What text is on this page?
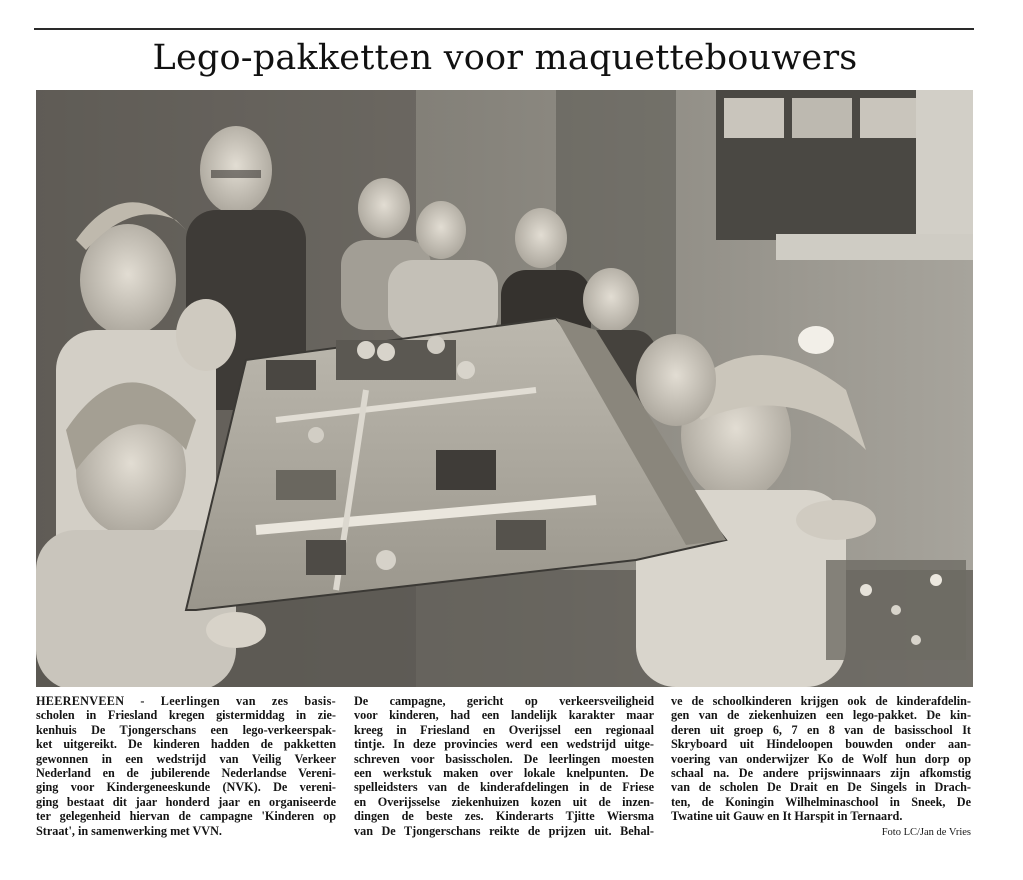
Lego-pakketten voor maquettebouwers
HEERENVEEN - Leerlingen van zes basis-
scholen in Friesland kregen gistermiddag in zie-
kenhuis De Tjongerschans een lego-verkeerspak-
ket uitgereikt. De kinderen hadden de pakketten
gewonnen in een wedstrijd van Veilig Verkeer
Nederland en de jubilerende Nederlandse Vereni-
ging voor Kindergeneeskunde (NVK). De vereni-
ging bestaat dit jaar honderd jaar en organiseerde
ter gelegenheid hiervan de campagne 'Kinderen op
Straat', in samenwerking met VVN.
De campagne, gericht op verkeersveiligheid
voor kinderen, had een landelijk karakter maar
kreeg in Friesland en Overijssel een regionaal
tintje. In deze provincies werd een wedstrijd uitge-
schreven voor basisscholen. De leerlingen moesten
een werkstuk maken over lokale knelpunten. De
spelleidsters van de kinderafdelingen in de Friese
en Overijsselse ziekenhuizen kozen uit de inzen-
dingen de beste zes. Kinderarts Tjitte Wiersma
van De Tjongerschans reikte de prijzen uit. Behal-
ve de schoolkinderen krijgen ook de kinderafdelin-
gen van de ziekenhuizen een lego-pakket. De kin-
deren uit groep 6, 7 en 8 van de basisschool It
Skryboard uit Hindeloopen bouwden onder aan-
voering van onderwijzer Ko de Wolf hun dorp op
schaal na. De andere prijswinnaars zijn afkomstig
van de scholen De Drait en De Singels in Drach-
ten, de Koningin Wilhelminaschool in Sneek, De
Twatine uit Gauw en It Harspit in Ternaard.
Foto LC/Jan de Vries
